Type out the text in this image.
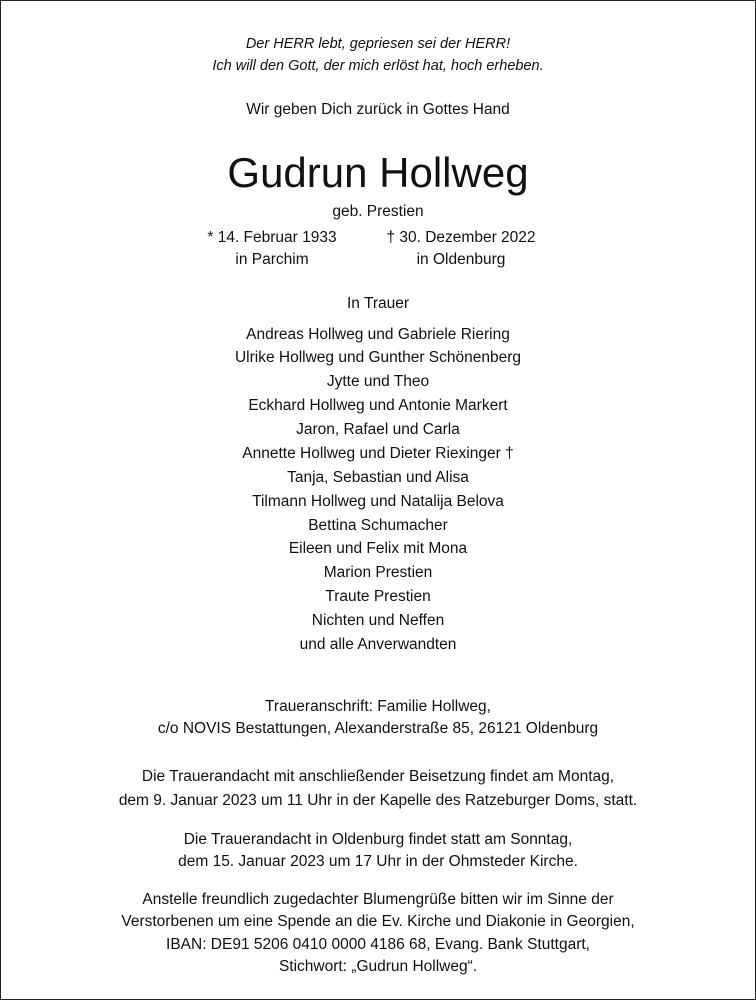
Der HERR lebt, gepriesen sei der HERR!
Ich will den Gott, der mich erlöst hat, hoch erheben.
Wir geben Dich zurück in Gottes Hand
Gudrun Hollweg
geb. Prestien
* 14. Februar 1933
in Parchim
† 30. Dezember 2022
in Oldenburg
In Trauer
Andreas Hollweg und Gabriele Riering
Ulrike Hollweg und Gunther Schönenberg
Jytte und Theo
Eckhard Hollweg und Antonie Markert
Jaron, Rafael und Carla
Annette Hollweg und Dieter Riexinger †
Tanja, Sebastian und Alisa
Tilmann Hollweg und Natalija Belova
Bettina Schumacher
Eileen und Felix mit Mona
Marion Prestien
Traute Prestien
Nichten und Neffen
und alle Anverwandten
Traueranschrift: Familie Hollweg,
c/o NOVIS Bestattungen, Alexanderstraße 85, 26121 Oldenburg
Die Trauerandacht mit anschließender Beisetzung findet am Montag,
dem 9. Januar 2023 um 11 Uhr in der Kapelle des Ratzeburger Doms, statt.
Die Trauerandacht in Oldenburg findet statt am Sonntag,
dem 15. Januar 2023 um 17 Uhr in der Ohmsteder Kirche.
Anstelle freundlich zugedachter Blumengrüße bitten wir im Sinne der
Verstorbenen um eine Spende an die Ev. Kirche und Diakonie in Georgien,
IBAN: DE91 5206 0410 0000 4186 68, Evang. Bank Stuttgart,
Stichwort: „Gudrun Hollweg“.
